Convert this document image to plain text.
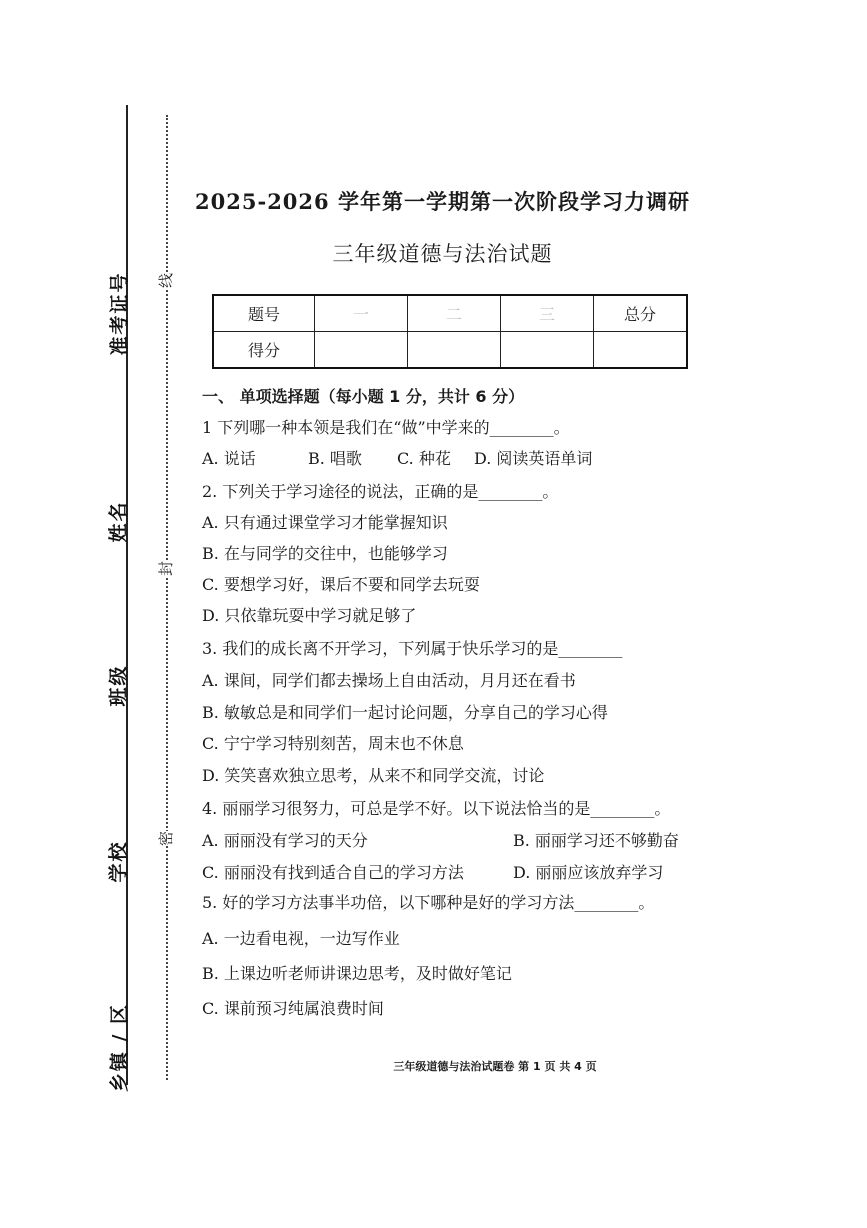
准考证号
姓名
班级
学校
乡镇 / 区
线
封
密
2025-2026 学年第一学期第一次阶段学习力调研
三年级道德与法治试题
题号	一	二	三	总分
得分				
一、 单项选择题（每小题 1 分，共计 6 分）
1 下列哪一种本领是我们在“做”中学来的________。
A. 说话	B. 唱歌 C. 种花 D. 阅读英语单词
2. 下列关于学习途径的说法，正确的是________。
A. 只有通过课堂学习才能掌握知识
B. 在与同学的交往中，也能够学习
C. 要想学习好，课后不要和同学去玩耍
D. 只依靠玩耍中学习就足够了
3. 我们的成长离不开学习，下列属于快乐学习的是________
A. 课间，同学们都去操场上自由活动，月月还在看书
B. 敏敏总是和同学们一起讨论问题，分享自己的学习心得
C. 宁宁学习特别刻苦，周末也不休息
D. 笑笑喜欢独立思考，从来不和同学交流，讨论
4. 丽丽学习很努力，可总是学不好。以下说法恰当的是________。
A. 丽丽没有学习的天分	B. 丽丽学习还不够勤奋
C. 丽丽没有找到适合自己的学习方法	D. 丽丽应该放弃学习
5. 好的学习方法事半功倍，以下哪种是好的学习方法________。
A. 一边看电视，一边写作业
B. 上课边听老师讲课边思考，及时做好笔记
C. 课前预习纯属浪费时间
三年级道德与法治试题卷 第 1 页 共 4 页
